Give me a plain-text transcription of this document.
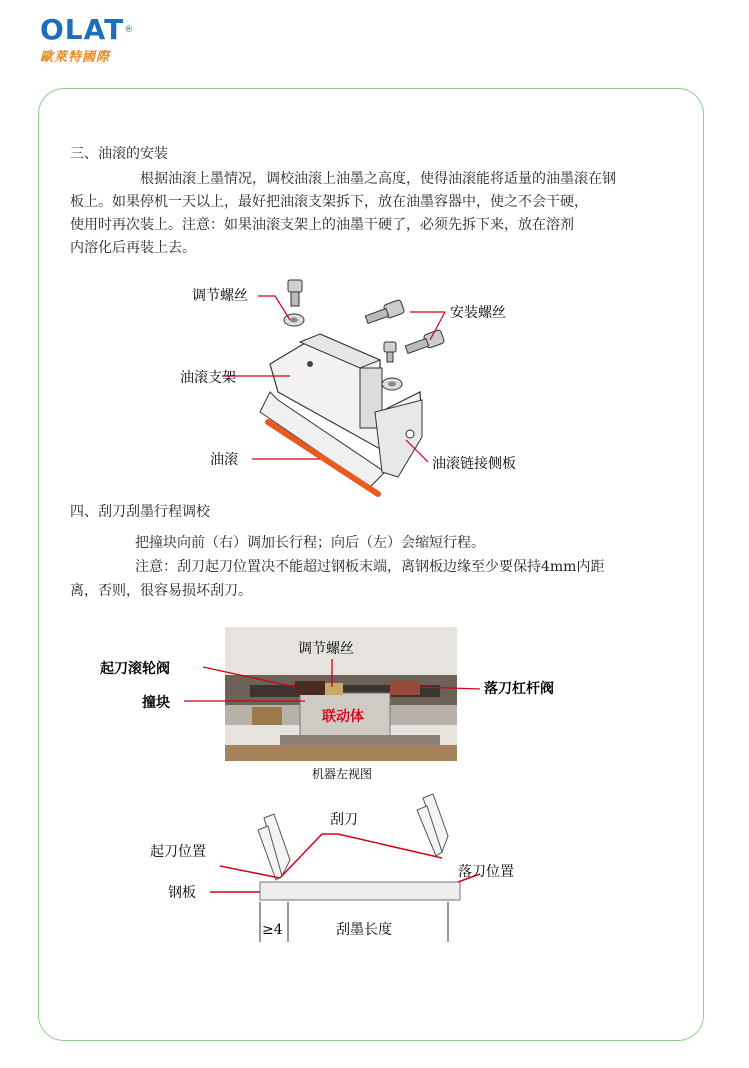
OLAT®
歐萊特國際
三、油滚的安装
根据油滚上墨情况，调校油滚上油墨之高度，使得油滚能将适量的油墨滚在钢
板上。如果停机一天以上，最好把油滚支架拆下，放在油墨容器中，使之不会干硬，
使用时再次装上。注意：如果油滚支架上的油墨干硬了，必须先拆下来，放在溶剂
内溶化后再装上去。
调节螺丝
安装螺丝
油滚支架
油滚	油滚链接侧板
四、刮刀刮墨行程调校
把撞块向前（右）调加长行程；向后（左）会缩短行程。
注意：刮刀起刀位置决不能超过钢板末端，离钢板边缘至少要保持4mm内距
离，否则，很容易损坏刮刀。
起刀滚轮阀
调节螺丝
落刀杠杆阀
撞块
联动体
机器左视图
刮刀
起刀位置
落刀位置
钢板
≥4	刮墨长度
